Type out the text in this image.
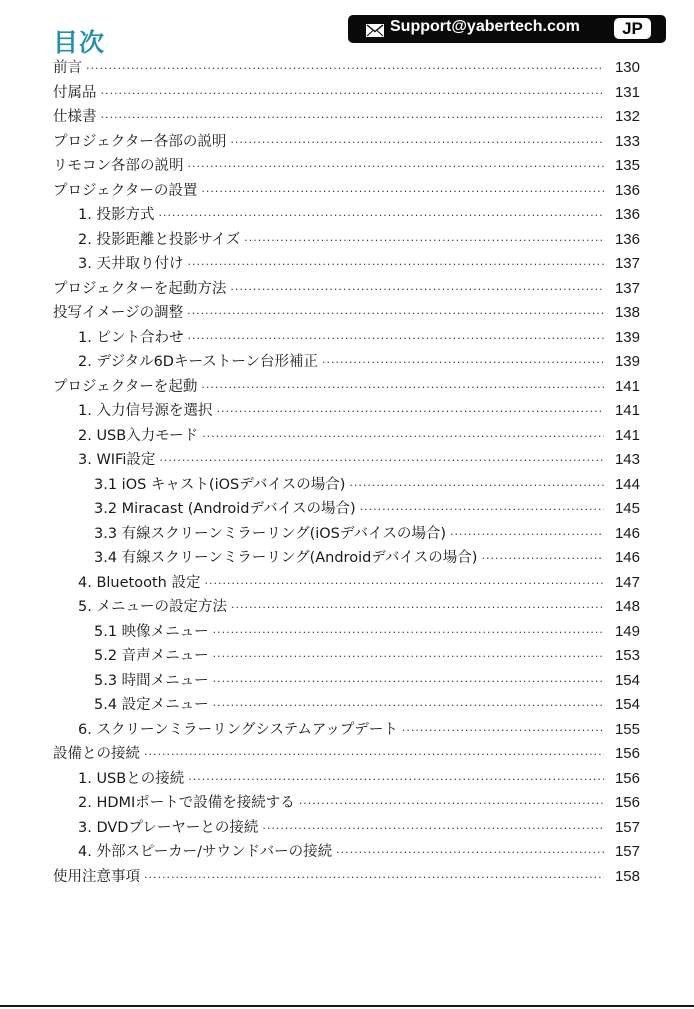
目次
Support@yabertech.com	JP
前言 ·····	130
付属品 ·····	131
仕様書 ·····	132
プロジェクター各部の説明 ·····	133
リモコン各部の説明 ·····	135
プロジェクターの設置 ·····	136
1. 投影方式 ·····	136
2. 投影距離と投影サイズ ·····	136
3. 天井取り付け ·····	137
プロジェクターを起動方法 ·····	137
投写イメージの調整 ·····	138
1. ピント合わせ ·····	139
2. デジタル6Dキーストーン台形補正 ·····	139
プロジェクターを起動 ·····	141
1. 入力信号源を選択 ·····	141
2. USB入力モード ·····	141
3. WIFi設定 ·····	143
3.1 iOS キャスト(iOSデバイスの場合) ·····	144
3.2 Miracast (Androidデバイスの場合) ·····	145
3.3 有線スクリーンミラーリング(iOSデバイスの場合) ·····	146
3.4 有線スクリーンミラーリング(Androidデバイスの場合) ·····	146
4. Bluetooth 設定 ·····	147
5. メニューの設定方法 ·····	148
5.1 映像メニュー ·····	149
5.2 音声メニュー ·····	153
5.3 時間メニュー ·····	154
5.4 設定メニュー ·····	154
6. スクリーンミラーリングシステムアップデート ·····	155
設備との接続 ·····	156
1. USBとの接続 ·····	156
2. HDMIポートで設備を接続する ·····	156
3. DVDプレーヤーとの接続 ·····	157
4. 外部スピーカー/サウンドバーの接続 ·····	157
使用注意事項 ·····	158
